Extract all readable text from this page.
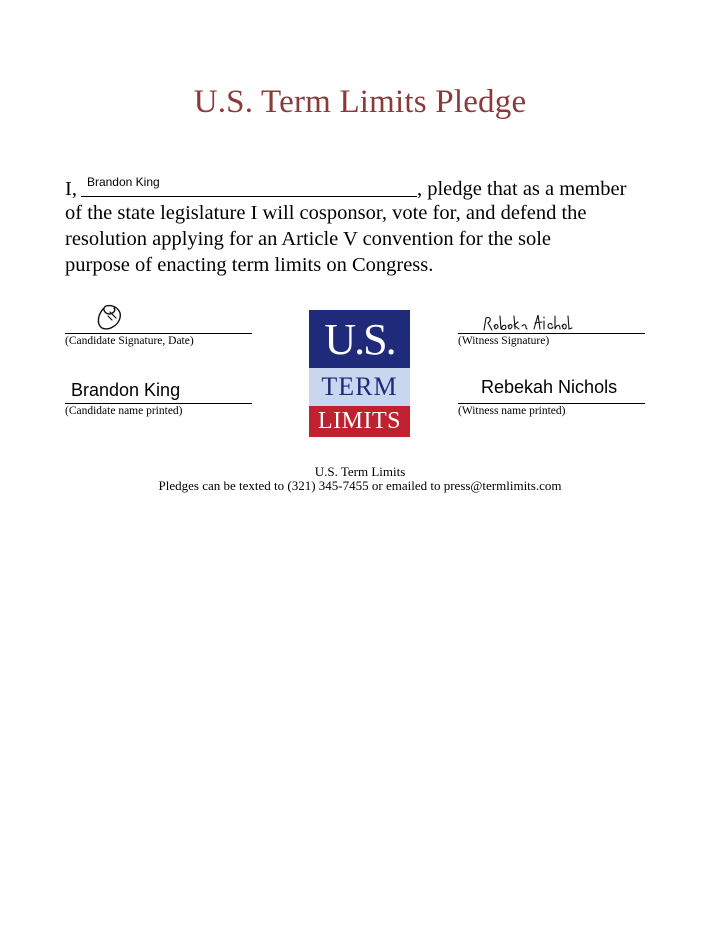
U.S. Term Limits Pledge
I, Brandon King	, pledge that as a member
of the state legislature I will cosponsor, vote for, and defend the
resolution applying for an Article V convention for the sole
purpose of enacting term limits on Congress.
(Candidate Signature, Date)	(Witness Signature)
Brandon King
(Candidate name printed)
Rebekah Nichols
(Witness name printed)
U.S.
TERM
LIMITS
U.S. Term Limits
Pledges can be texted to (321) 345-7455 or emailed to press@termlimits.com
